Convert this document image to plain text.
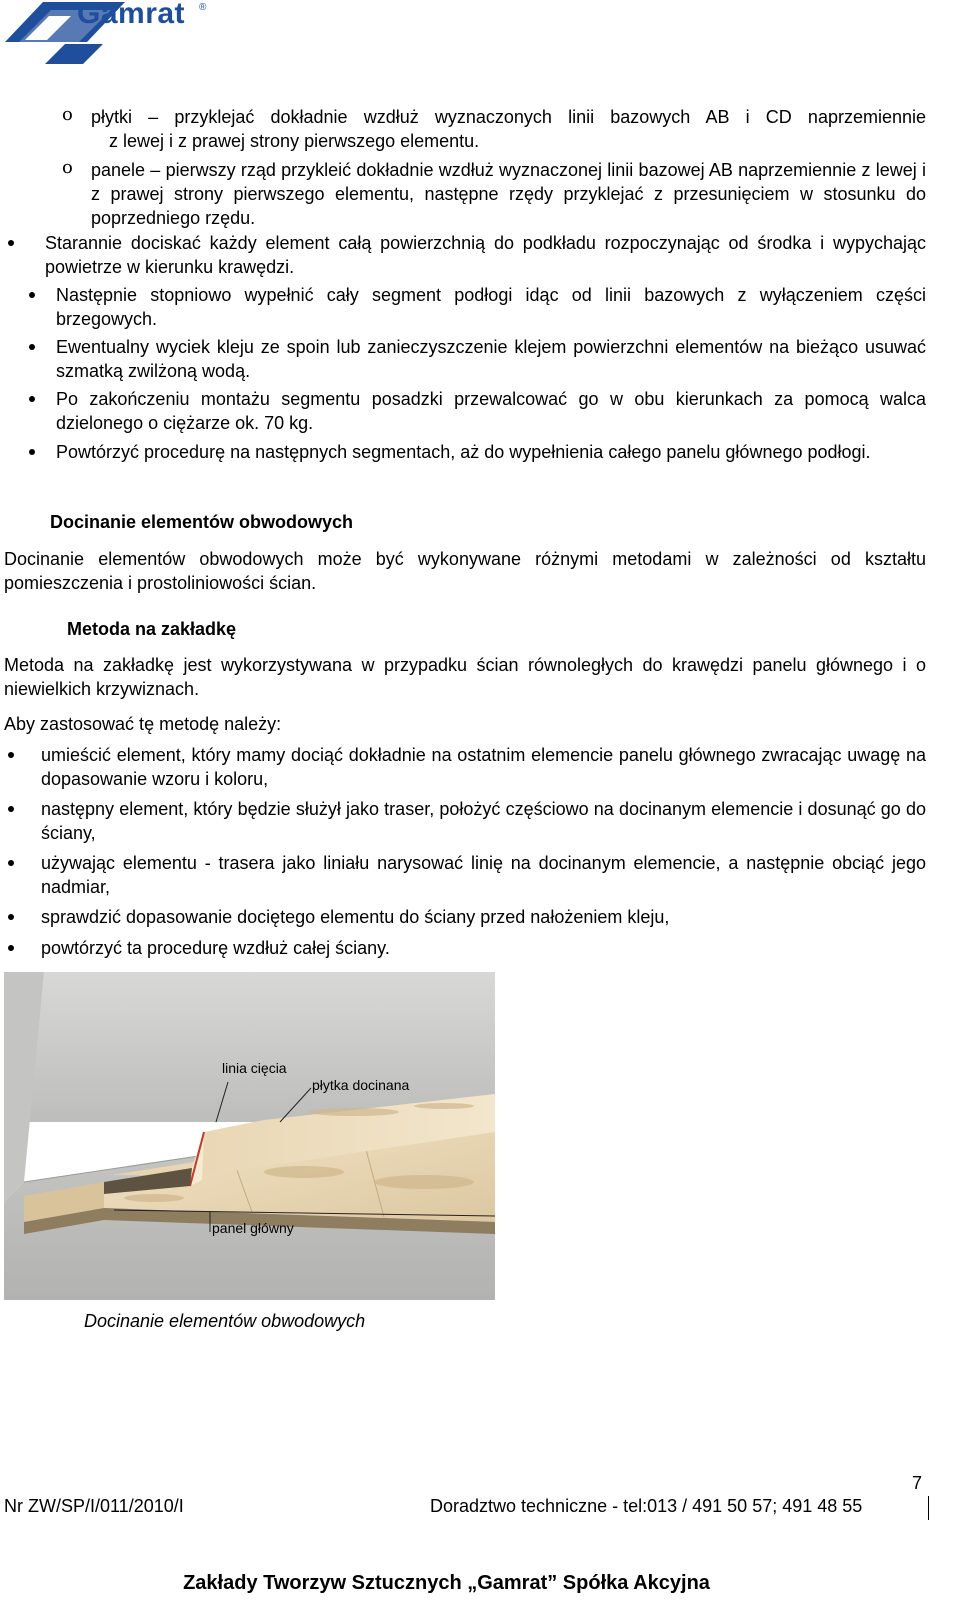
Gamrat ®
o płytki – przyklejać dokładnie wzdłuż wyznaczonych linii bazowych AB i CD naprzemiennie
z lewej i z prawej strony pierwszego elementu.
o panele – pierwszy rząd przykleić dokładnie wzdłuż wyznaczonej linii bazowej AB naprzemiennie z lewej i z prawej strony pierwszego elementu, następne rzędy przyklejać z przesunięciem w stosunku do poprzedniego rzędu.
Starannie dociskać każdy element całą powierzchnią do podkładu rozpoczynając od środka i wypychając powietrze w kierunku krawędzi.
Następnie stopniowo wypełnić cały segment podłogi idąc od linii bazowych z wyłączeniem części brzegowych.
Ewentualny wyciek kleju ze spoin lub zanieczyszczenie klejem powierzchni elementów na bieżąco usuwać szmatką zwilżoną wodą.
Po zakończeniu montażu segmentu posadzki przewalcować go w obu kierunkach za pomocą walca dzielonego o ciężarze ok. 70 kg.
Powtórzyć procedurę na następnych segmentach, aż do wypełnienia całego panelu głównego podłogi.
Docinanie elementów obwodowych
Docinanie elementów obwodowych może być wykonywane różnymi metodami w zależności od kształtu pomieszczenia i prostoliniowości ścian.
Metoda na zakładkę
Metoda na zakładkę jest wykorzystywana w przypadku ścian równoległych do krawędzi panelu głównego i o niewielkich krzywiznach.
Aby zastosować tę metodę należy:
umieścić element, który mamy dociąć dokładnie na ostatnim elemencie panelu głównego zwracając uwagę na dopasowanie wzoru i koloru,
następny element, który będzie służył jako traser, położyć częściowo na docinanym elemencie i dosunąć go do ściany,
używając elementu - trasera jako liniału narysować linię na docinanym elemencie, a następnie obciąć jego nadmiar,
sprawdzić dopasowanie dociętego elementu do ściany przed nałożeniem kleju,
powtórzyć ta procedurę wzdłuż całej ściany.
linia cięcia
płytka docinana
panel główny
Docinanie elementów obwodowych
7
Nr ZW/SP/I/011/2010/I	Doradztwo techniczne - tel:013 / 491 50 57; 491 48 55
Zakłady Tworzyw Sztucznych „Gamrat” Spółka Akcyjna
